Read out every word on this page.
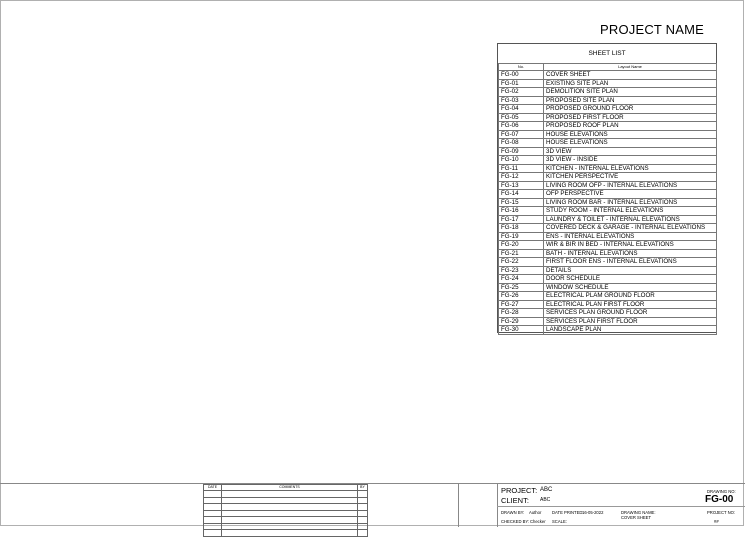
PROJECT NAME
SHEET LIST
No.	Layout Name
FG-00	COVER SHEET
FG-01	EXISTING SITE PLAN
FG-02	DEMOLITION SITE PLAN
FG-03	PROPOSED SITE PLAN
FG-04	PROPOSED GROUND FLOOR
FG-05	PROPOSED FIRST FLOOR
FG-06	PROPOSED ROOF PLAN
FG-07	HOUSE ELEVATIONS
FG-08	HOUSE ELEVATIONS
FG-09	3D VIEW
FG-10	3D VIEW - INSIDE
FG-11	KITCHEN - INTERNAL ELEVATIONS
FG-12	KITCHEN PERSPECTIVE
FG-13	LIVING ROOM OFP - INTERNAL ELEVATIONS
FG-14	OFP PERSPECTIVE
FG-15	LIVING ROOM BAR - INTERNAL ELEVATIONS
FG-16	STUDY ROOM - INTERNAL ELEVATIONS
FG-17	LAUNDRY & TOILET - INTERNAL ELEVATIONS
FG-18	COVERED DECK & GARAGE - INTERNAL ELEVATIONS
FG-19	ENS - INTERNAL ELEVATIONS
FG-20	WIR & BIR IN BED - INTERNAL ELEVATIONS
FG-21	BATH - INTERNAL ELEVATIONS
FG-22	FIRST FLOOR ENS - INTERNAL ELEVATIONS
FG-23	DETAILS
FG-24	DOOR SCHEDULE
FG-25	WINDOW SCHEDULE
FG-26	ELECTRICAL PLAM GROUND FLOOR
FG-27	ELECTRICAL PLAN FIRST FLOOR
FG-28	SERVICES PLAN GROUND FLOOR
FG-29	SERVICES PLAN FIRST FLOOR
FG-30	LANDSCAPE PLAN
DATE	COMMENTS	BY

			PROJECT: ABC
CLIENT: ABC
DRAWING NO:
FG-00
DRAWN BY: Author	DATE PRINTED:
16-05-2022	DRAWING NAME:
COVER SHEET
PROJECT NO:
##
CHECKED BY: Checker SCALE:
